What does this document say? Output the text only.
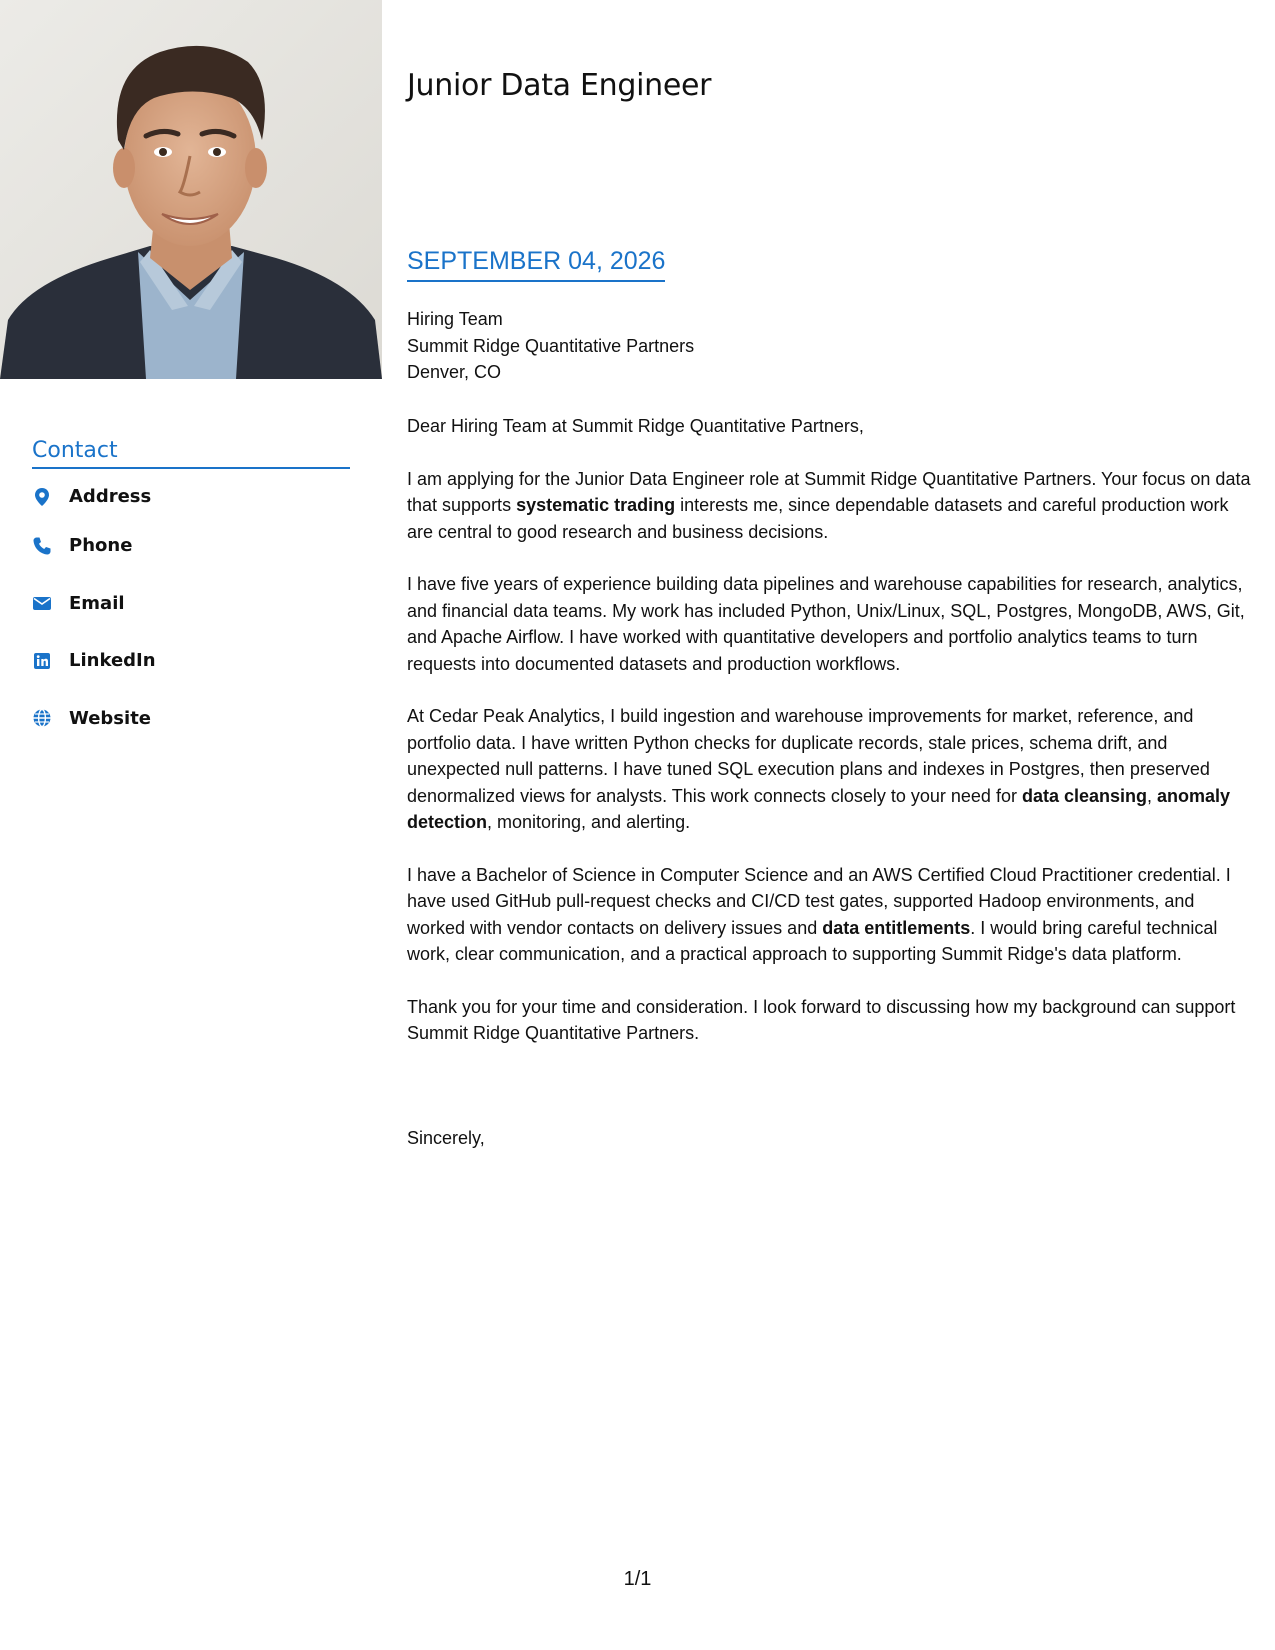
Contact
Address
Phone
Email
LinkedIn
Website
Junior Data Engineer
SEPTEMBER 04, 2026
Hiring Team
Summit Ridge Quantitative Partners
Denver, CO

Dear Hiring Team at Summit Ridge Quantitative Partners,

I am applying for the Junior Data Engineer role at Summit Ridge Quantitative Partners. Your focus on data that supports systematic trading interests me, since dependable datasets and careful production work are central to good research and business decisions.

I have five years of experience building data pipelines and warehouse capabilities for research, analytics, and financial data teams. My work has included Python, Unix/Linux, SQL, Postgres, MongoDB, AWS, Git, and Apache Airflow. I have worked with quantitative developers and portfolio analytics teams to turn requests into documented datasets and production workflows.

At Cedar Peak Analytics, I build ingestion and warehouse improvements for market, reference, and portfolio data. I have written Python checks for duplicate records, stale prices, schema drift, and unexpected null patterns. I have tuned SQL execution plans and indexes in Postgres, then preserved denormalized views for analysts. This work connects closely to your need for data cleansing, anomaly detection, monitoring, and alerting.

I have a Bachelor of Science in Computer Science and an AWS Certified Cloud Practitioner credential. I have used GitHub pull-request checks and CI/CD test gates, supported Hadoop environments, and worked with vendor contacts on delivery issues and data entitlements. I would bring careful technical work, clear communication, and a practical approach to supporting Summit Ridge's data platform.

Thank you for your time and consideration. I look forward to discussing how my background can support Summit Ridge Quantitative Partners.

Sincerely,
1/1
